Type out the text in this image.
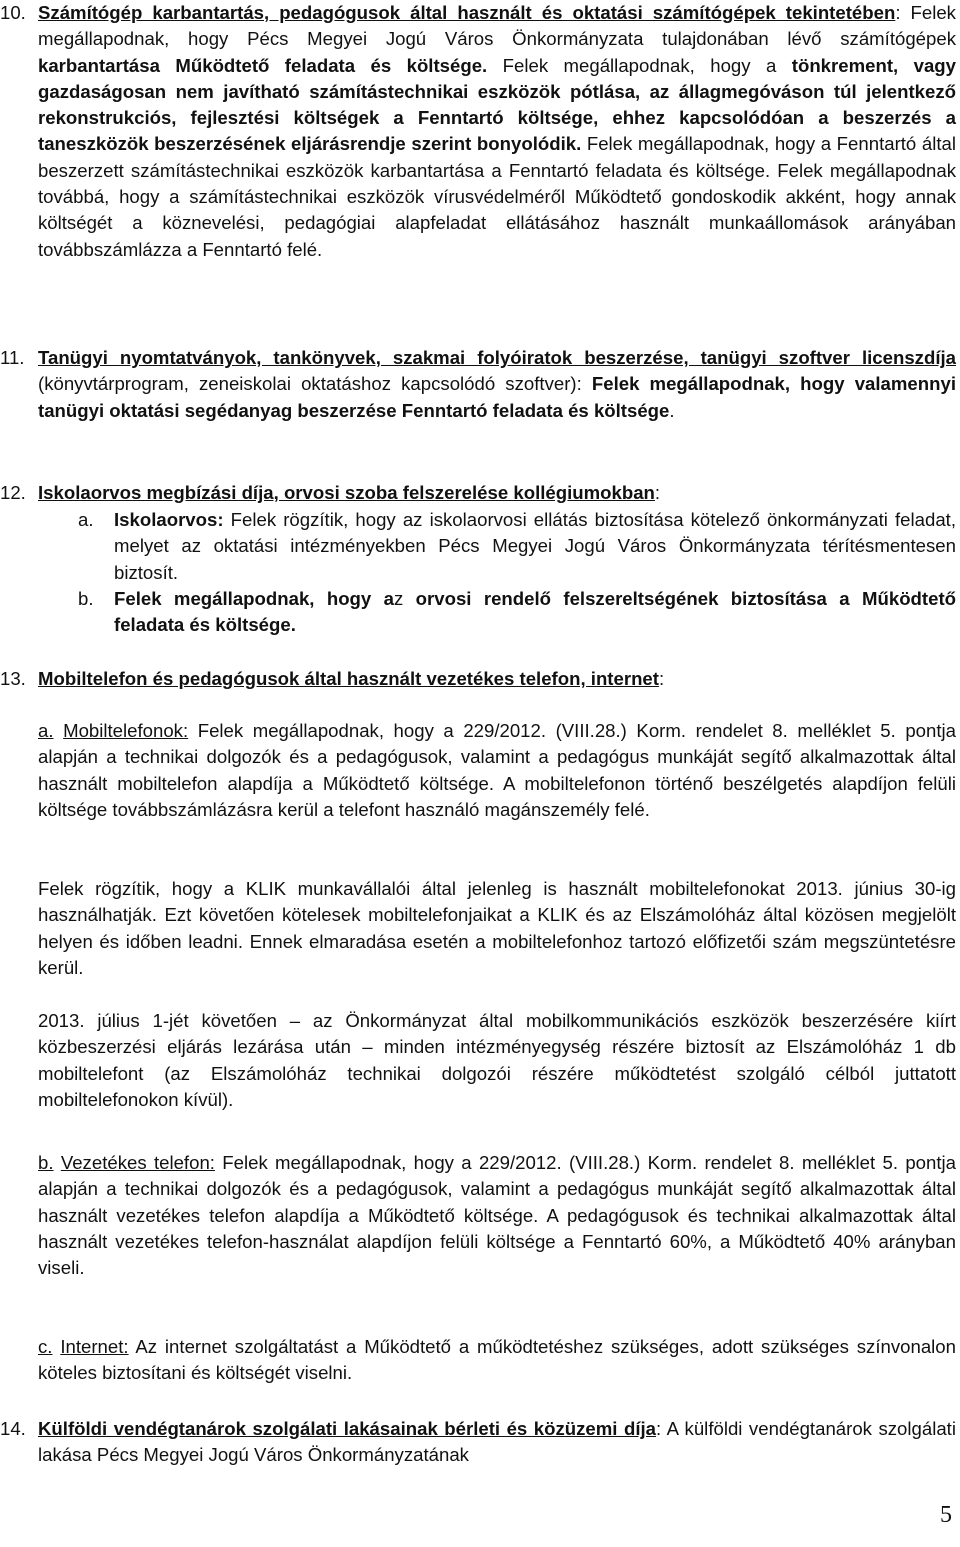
10. Számítógép karbantartás, pedagógusok által használt és oktatási számítógépek tekintetében: Felek megállapodnak, hogy Pécs Megyei Jogú Város Önkormányzata tulajdonában lévő számítógépek karbantartása Működtető feladata és költsége. Felek megállapodnak, hogy a tönkrement, vagy gazdaságosan nem javítható számítástechnikai eszközök pótlása, az állagmegóváson túl jelentkező rekonstrukciós, fejlesztési költségek a Fenntartó költsége, ehhez kapcsolódóan a beszerzés a taneszközök beszerzésének eljárásrendje szerint bonyolódik. Felek megállapodnak, hogy a Fenntartó által beszerzett számítástechnikai eszközök karbantartása a Fenntartó feladata és költsége. Felek megállapodnak továbbá, hogy a számítástechnikai eszközök vírusvédelméről Működtető gondoskodik akként, hogy annak költségét a köznevelési, pedagógiai alapfeladat ellátásához használt munkaállomások arányában továbbszámlázza a Fenntartó felé.
11. Tanügyi nyomtatványok, tankönyvek, szakmai folyóiratok beszerzése, tanügyi szoftver licenszdíja (könyvtárprogram, zeneiskolai oktatáshoz kapcsolódó szoftver): Felek megállapodnak, hogy valamennyi tanügyi oktatási segédanyag beszerzése Fenntartó feladata és költsége.
12. Iskolaorvos megbízási díja, orvosi szoba felszerelése kollégiumokban:
a.	Iskolaorvos: Felek rögzítik, hogy az iskolaorvosi ellátás biztosítása kötelező önkormányzati feladat, melyet az oktatási intézményekben Pécs Megyei Jogú Város Önkormányzata térítésmentesen biztosít.
b.	Felek megállapodnak, hogy az orvosi rendelő felszereltségének biztosítása a Működtető feladata és költsége.
13. Mobiltelefon és pedagógusok által használt vezetékes telefon, internet:
a. Mobiltelefonok: Felek megállapodnak, hogy a 229/2012. (VIII.28.) Korm. rendelet 8. melléklet 5. pontja alapján a technikai dolgozók és a pedagógusok, valamint a pedagógus munkáját segítő alkalmazottak által használt mobiltelefon alapdíja a Működtető költsége. A mobiltelefonon történő beszélgetés alapdíjon felüli költsége továbbszámlázásra kerül a telefont használó magánszemély felé.
Felek rögzítik, hogy a KLIK munkavállalói által jelenleg is használt mobiltelefonokat 2013. június 30-ig használhatják. Ezt követően kötelesek mobiltelefonjaikat a KLIK és az Elszámolóház által közösen megjelölt helyen és időben leadni. Ennek elmaradása esetén a mobiltelefonhoz tartozó előfizetői szám megszüntetésre kerül.
2013. július 1-jét követően – az Önkormányzat által mobilkommunikációs eszközök beszerzésére kiírt közbeszerzési eljárás lezárása után – minden intézményegység részére biztosít az Elszámolóház 1 db mobiltelefont (az Elszámolóház technikai dolgozói részére működtetést szolgáló célból juttatott mobiltelefonokon kívül).
b. Vezetékes telefon: Felek megállapodnak, hogy a 229/2012. (VIII.28.) Korm. rendelet 8. melléklet 5. pontja alapján a technikai dolgozók és a pedagógusok, valamint a pedagógus munkáját segítő alkalmazottak által használt vezetékes telefon alapdíja a Működtető költsége. A pedagógusok és technikai alkalmazottak által használt vezetékes telefon-használat alapdíjon felüli költsége a Fenntartó 60%, a Működtető 40% arányban viseli.
c. Internet: Az internet szolgáltatást a Működtető a működtetéshez szükséges, adott szükséges színvonalon köteles biztosítani és költségét viselni.
14. Külföldi vendégtanárok szolgálati lakásainak bérleti és közüzemi díja: A külföldi vendégtanárok szolgálati lakása Pécs Megyei Jogú Város Önkormányzatának
5
